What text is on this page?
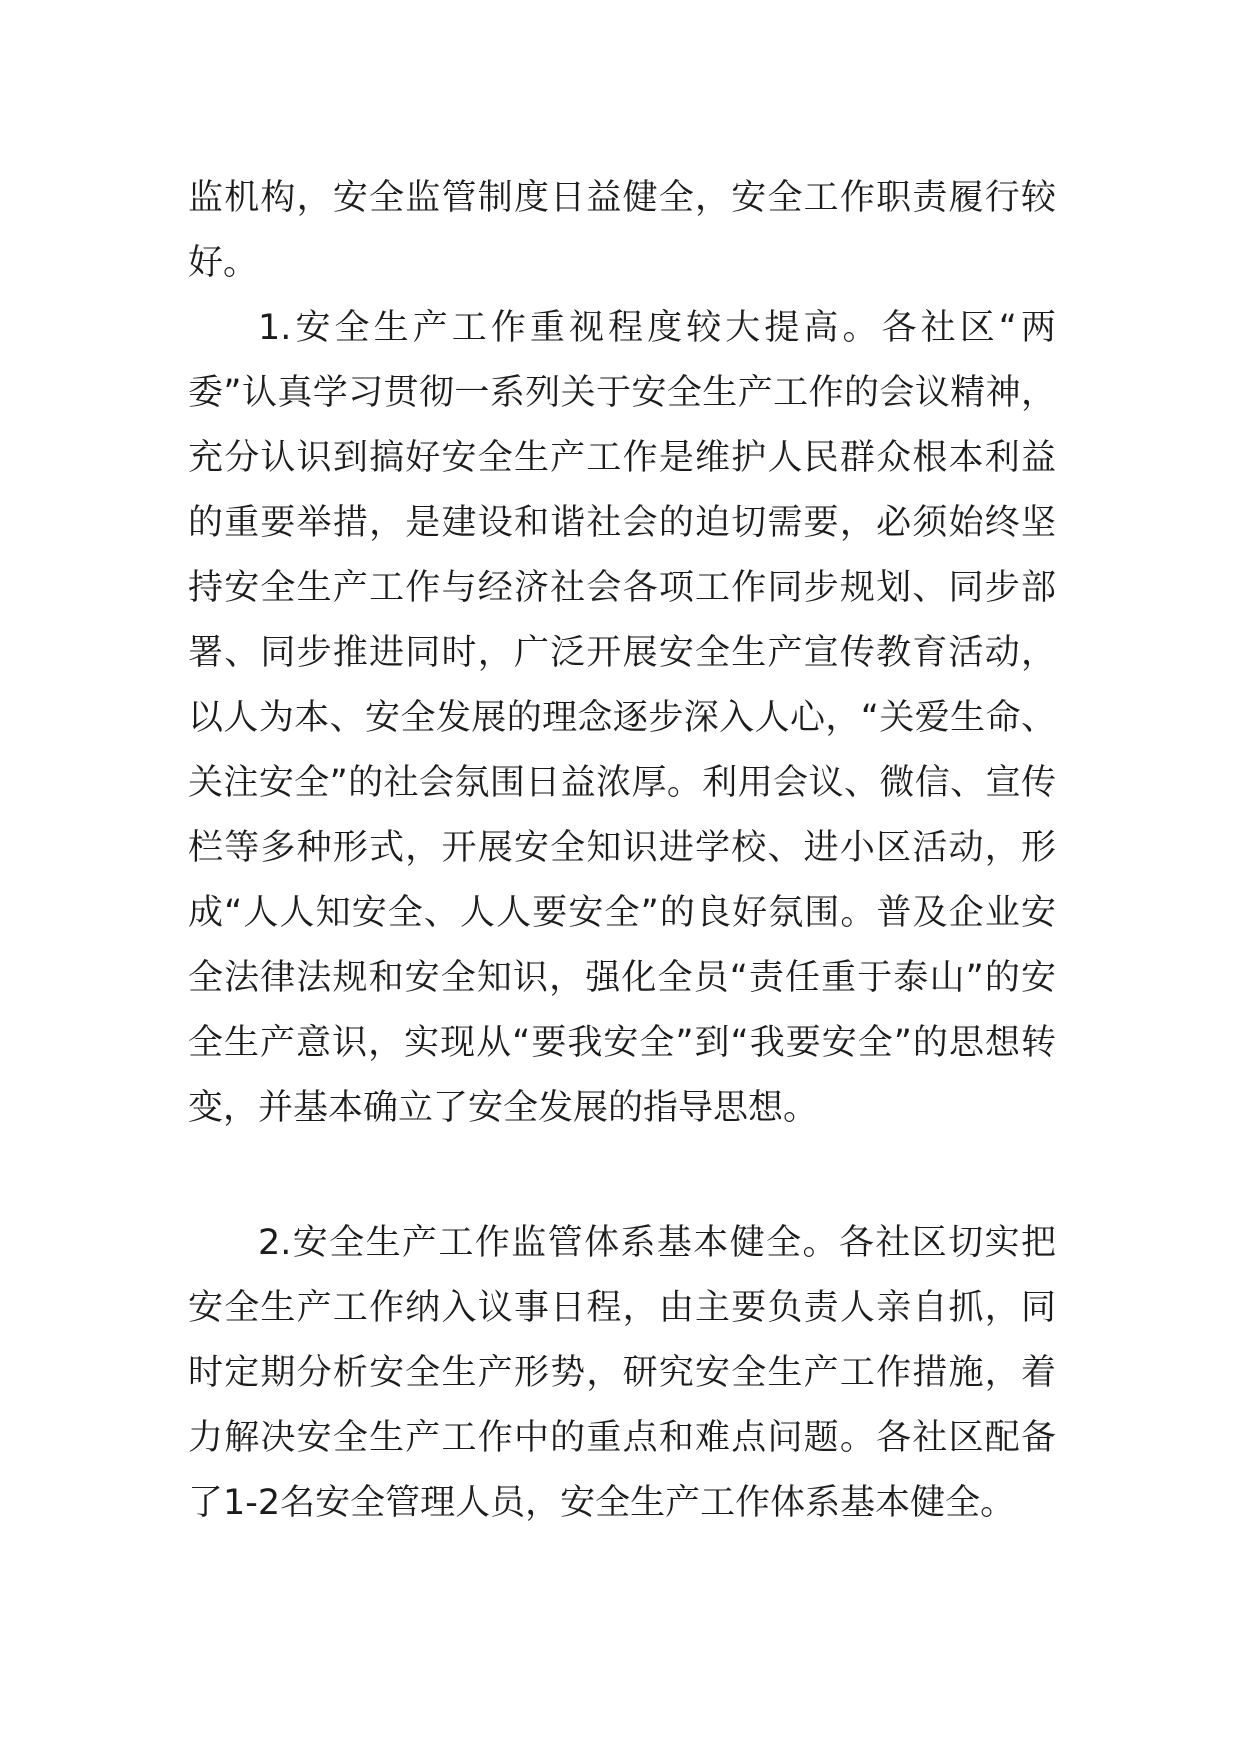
监机构，安全监管制度日益健全，安全工作职责履行较好。

1.安全生产工作重视程度较大提高。各社区“两委”认真学习贯彻一系列关于安全生产工作的会议精神，充分认识到搞好安全生产工作是维护人民群众根本利益的重要举措，是建设和谐社会的迫切需要，必须始终坚持安全生产工作与经济社会各项工作同步规划、同步部署、同步推进同时，广泛开展安全生产宣传教育活动，以人为本、安全发展的理念逐步深入人心，“关爱生命、关注安全”的社会氛围日益浓厚。利用会议、微信、宣传栏等多种形式，开展安全知识进学校、进小区活动，形成“人人知安全、人人要安全”的良好氛围。普及企业安全法律法规和安全知识，强化全员“责任重于泰山”的安全生产意识，实现从“要我安全”到“我要安全”的思想转变，并基本确立了安全发展的指导思想。

2.安全生产工作监管体系基本健全。各社区切实把安全生产工作纳入议事日程，由主要负责人亲自抓，同时定期分析安全生产形势，研究安全生产工作措施，着力解决安全生产工作中的重点和难点问题。各社区配备了1-2名安全管理人员，安全生产工作体系基本健全。
